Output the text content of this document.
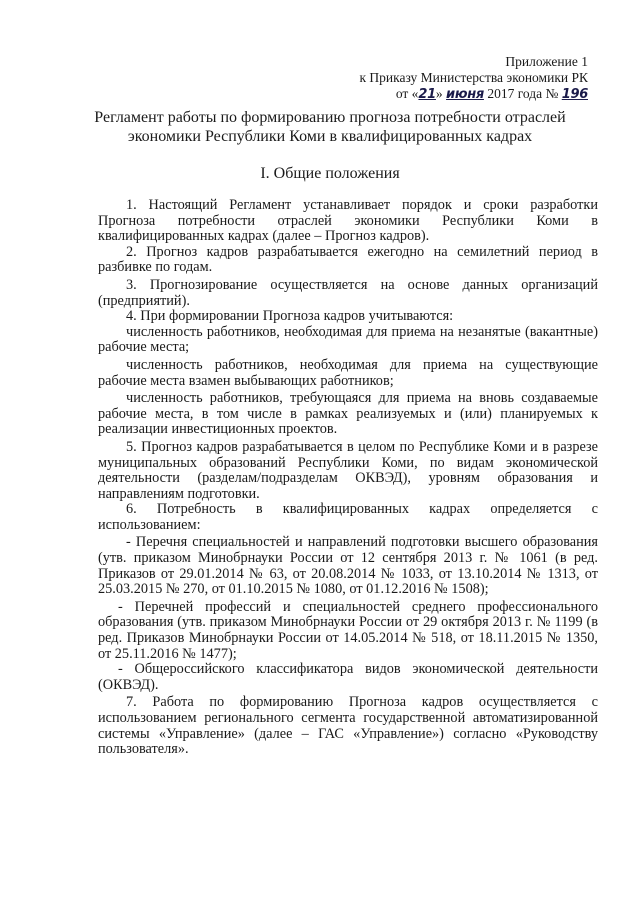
Приложение 1
к Приказу Министерства экономики РК
от «21» июня 2017 года № 196
Регламент работы по формированию прогноза потребности отраслей экономики Республики Коми в квалифицированных кадрах
I. Общие положения

1. Настоящий Регламент устанавливает порядок и сроки разработки Прогноза потребности отраслей экономики Республики Коми в квалифицированных кадрах (далее – Прогноз кадров).

2. Прогноз кадров разрабатывается ежегодно на семилетний период в разбивке по годам.

3. Прогнозирование осуществляется на основе данных организаций (предприятий).

4. При формировании Прогноза кадров учитываются:

численность работников, необходимая для приема на незанятые (вакантные) рабочие места;

численность работников, необходимая для приема на существующие рабочие места взамен выбывающих работников;

численность работников, требующаяся для приема на вновь создаваемые рабочие места, в том числе в рамках реализуемых и (или) планируемых к реализации инвестиционных проектов.

5. Прогноз кадров разрабатывается в целом по Республике Коми и в разрезе муниципальных образований Республики Коми, по видам экономической деятельности (разделам/подразделам ОКВЭД), уровням образования и направлениям подготовки.

6. Потребность в квалифицированных кадрах определяется с использованием:

- Перечня специальностей и направлений подготовки высшего образования (утв. приказом Минобрнауки России от 12 сентября 2013 г. № 1061 (в ред. Приказов от 29.01.2014 № 63, от 20.08.2014 № 1033, от 13.10.2014 № 1313, от 25.03.2015 № 270, от 01.10.2015 № 1080, от 01.12.2016 № 1508);

- Перечней профессий и специальностей среднего профессионального образования (утв. приказом Минобрнауки России от 29 октября 2013 г. № 1199 (в ред. Приказов Минобрнауки России от 14.05.2014 № 518, от 18.11.2015 № 1350, от 25.11.2016 № 1477);

- Общероссийского классификатора видов экономической деятельности (ОКВЭД).

7. Работа по формированию Прогноза кадров осуществляется с использованием регионального сегмента государственной автоматизированной системы «Управление» (далее – ГАС «Управление») согласно «Руководству пользователя».
